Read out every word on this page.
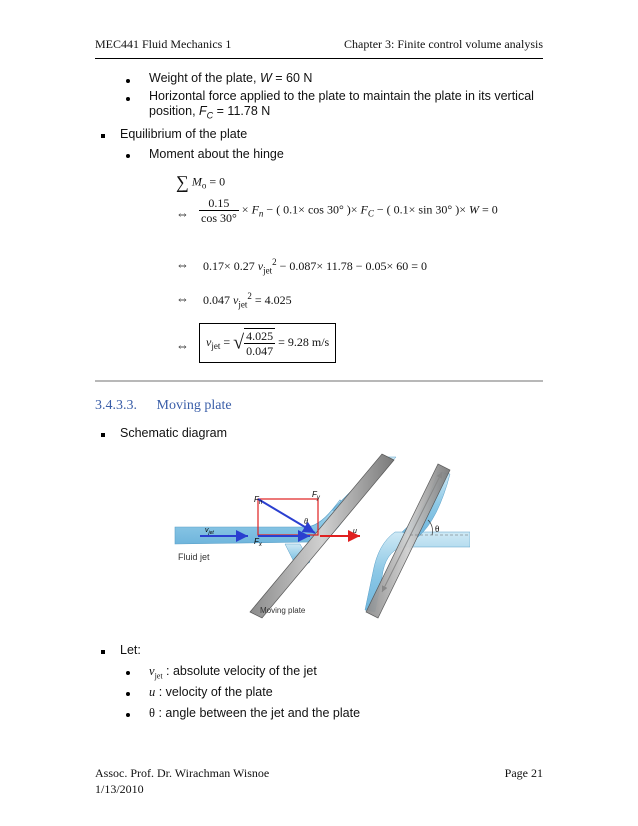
MEC441 Fluid Mechanics 1	Chapter 3: Finite control volume analysis
Weight of the plate, W = 60 N
Horizontal force applied to the plate to maintain the plate in its vertical
position, $F_C = 11.78$ N
Equilibrium of the plate
Moment about the hinge
∑ $M_o = 0$
⇔ $\frac{0.15}{\cos 30^\circ} \times F_n$ − ( 0.1× cos 30° )× $F_C$ − ( 0.1× sin 30° )× W = 0
⇔ 0.17× 0.27 $v_{jet}^2 - 0.087\times 11.78 - 0.05\times 60 = 0$
⇔ 0.047 $v_{jet}^2 = 4.025$
⇔	$v_{jet}$ = √ $\frac{4.025}{0.047} = 9.28$ m/s
3.4.3.3. Moving plate
Schematic diagram
$F_n$
$F_y$
$F_x$
θ
$v_{jet}$	u	θ
Fluid jet
Moving plate
Let:
$v_{jet}$ : absolute velocity of the jet
u : velocity of the plate
θ : angle between the jet and the plate
Assoc. Prof. Dr. Wirachman Wisnoe
1/13/2010
Page 21
